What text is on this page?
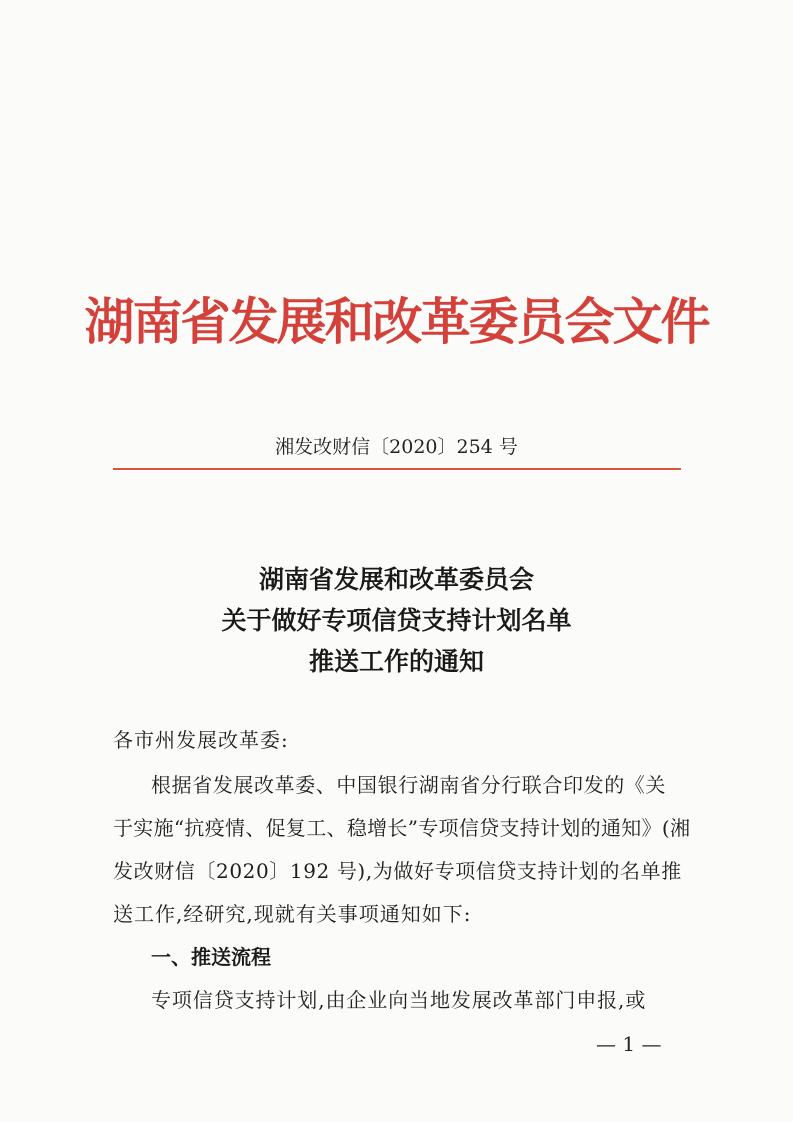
湖南省发展和改革委员会文件
湘发改财信〔2020〕254 号
湖南省发展和改革委员会
关于做好专项信贷支持计划名单
推送工作的通知
各市州发展改革委:
根据省发展改革委、中国银行湖南省分行联合印发的《关
于实施“抗疫情、促复工、稳增长”专项信贷支持计划的通知》(湘
发改财信〔2020〕192 号),为做好专项信贷支持计划的名单推
送工作,经研究,现就有关事项通知如下:
一、推送流程
专项信贷支持计划,由企业向当地发展改革部门申报,或
— 1 —
